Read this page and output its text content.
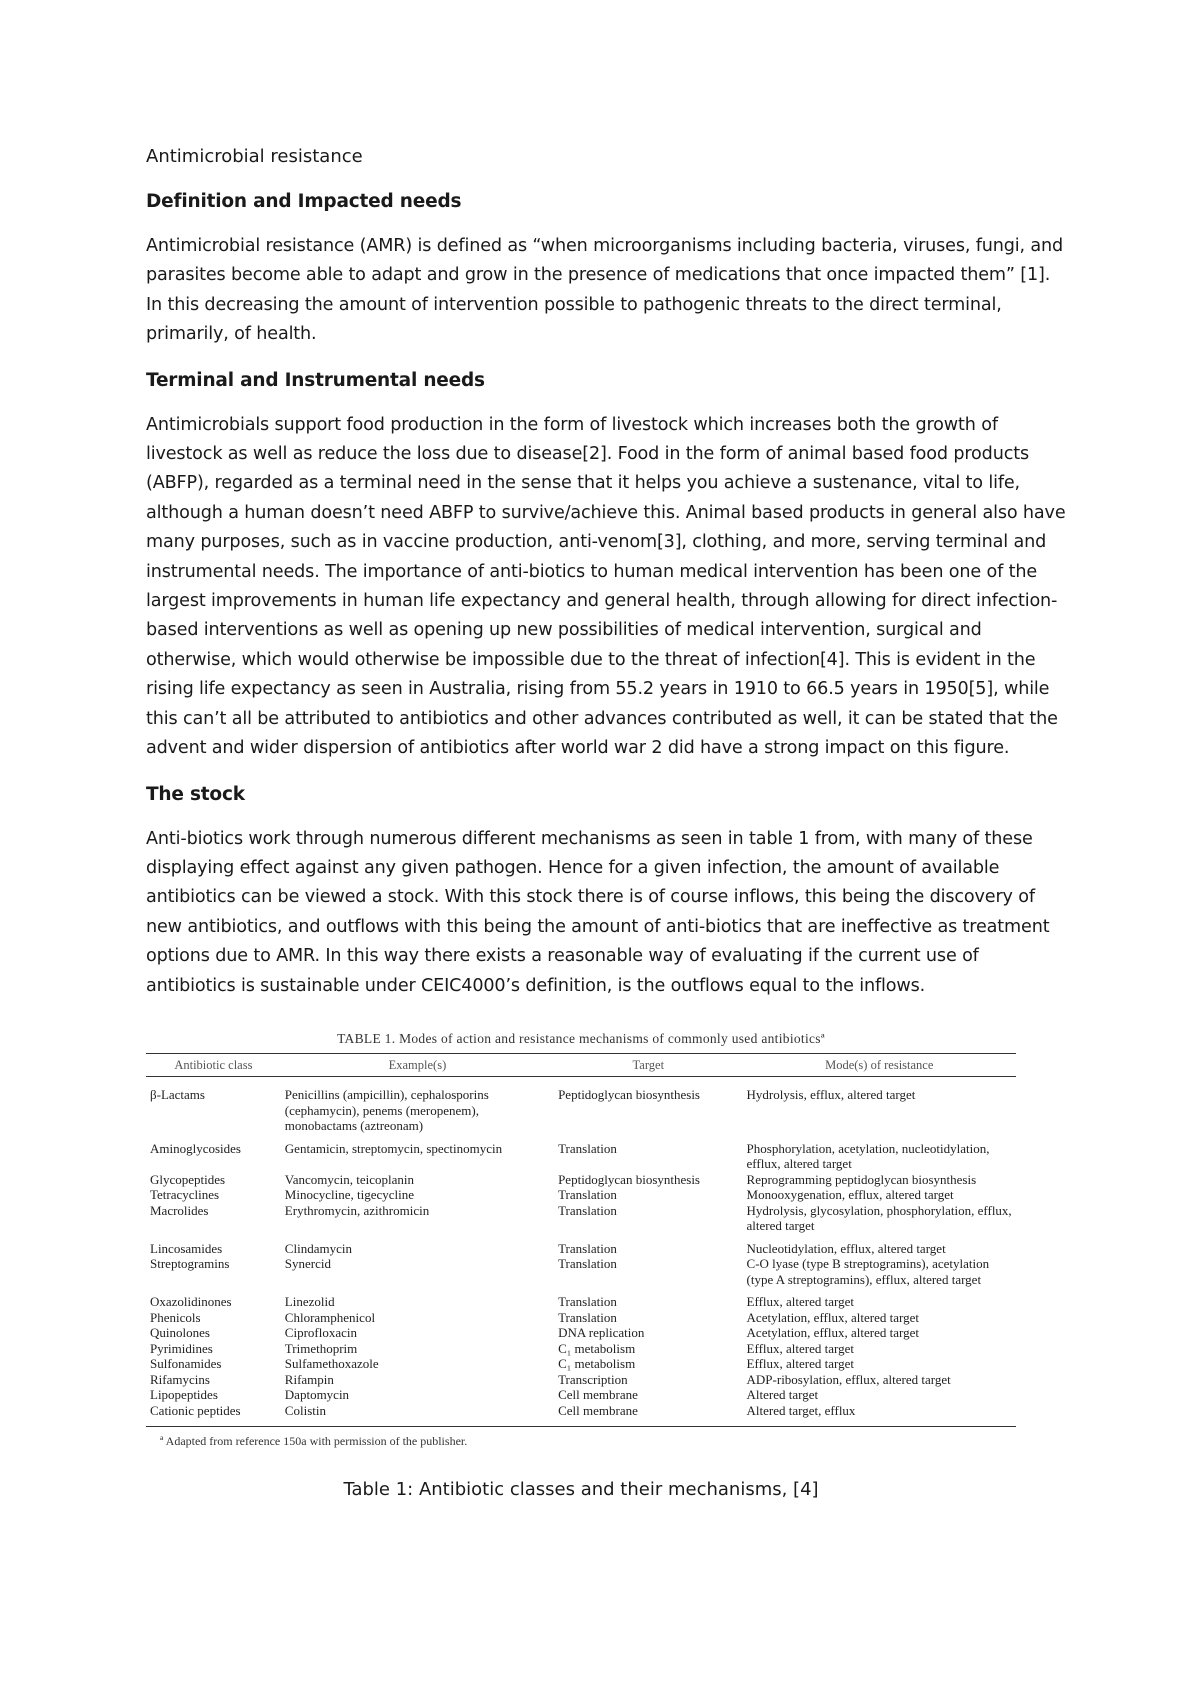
Antimicrobial resistance
Definition and Impacted needs

Antimicrobial resistance (AMR) is defined as “when microorganisms including bacteria, viruses, fungi, and parasites become able to adapt and grow in the presence of medications that once impacted them” [1]. In this decreasing the amount of intervention possible to pathogenic threats to the direct terminal, primarily, of health.

Terminal and Instrumental needs

Antimicrobials support food production in the form of livestock which increases both the growth of livestock as well as reduce the loss due to disease[2]. Food in the form of animal based food products (ABFP), regarded as a terminal need in the sense that it helps you achieve a sustenance, vital to life, although a human doesn’t need ABFP to survive/achieve this. Animal based products in general also have many purposes, such as in vaccine production, anti-venom[3], clothing, and more, serving terminal and instrumental needs. The importance of anti-biotics to human medical intervention has been one of the largest improvements in human life expectancy and general health, through allowing for direct infection-based interventions as well as opening up new possibilities of medical intervention, surgical and otherwise, which would otherwise be impossible due to the threat of infection[4]. This is evident in the rising life expectancy as seen in Australia, rising from 55.2 years in 1910 to 66.5 years in 1950[5], while this can’t all be attributed to antibiotics and other advances contributed as well, it can be stated that the advent and wider dispersion of antibiotics after world war 2 did have a strong impact on this figure.

The stock

Anti-biotics work through numerous different mechanisms as seen in table 1 from, with many of these displaying effect against any given pathogen. Hence for a given infection, the amount of available antibiotics can be viewed a stock. With this stock there is of course inflows, this being the discovery of new antibiotics, and outflows with this being the amount of anti-biotics that are ineffective as treatment options due to AMR. In this way there exists a reasonable way of evaluating if the current use of antibiotics is sustainable under CEIC4000’s definition, is the outflows equal to the inflows.

TABLE 1. Modes of action and resistance mechanisms of commonly used antibioticsª
Antibiotic class	Example(s)	Target	Mode(s) of resistance
β-Lactams	Penicillins (ampicillin), cephalosporins (cephamycin), penems (meropenem), monobactams (aztreonam)	Peptidoglycan biosynthesis	Hydrolysis, efflux, altered target
Aminoglycosides	Gentamicin, streptomycin, spectinomycin	Translation	Phosphorylation, acetylation, nucleotidylation, efflux, altered target
Glycopeptides	Vancomycin, teicoplanin	Peptidoglycan biosynthesis	Reprogramming peptidoglycan biosynthesis
Tetracyclines	Minocycline, tigecycline	Translation	Monooxygenation, efflux, altered target
Macrolides	Erythromycin, azithromicin	Translation	Hydrolysis, glycosylation, phosphorylation, efflux, altered target
Lincosamides	Clindamycin	Translation	Nucleotidylation, efflux, altered target
Streptogramins	Synercid	Translation	C-O lyase (type B streptogramins), acetylation (type A streptogramins), efflux, altered target
Oxazolidinones	Linezolid	Translation	Efflux, altered target
Phenicols	Chloramphenicol	Translation	Acetylation, efflux, altered target
Quinolones	Ciprofloxacin	DNA replication	Acetylation, efflux, altered target
Pyrimidines	Trimethoprim	C₁ metabolism	Efflux, altered target
Sulfonamides	Sulfamethoxazole	C₁ metabolism	Efflux, altered target
Rifamycins	Rifampin	Transcription	ADP-ribosylation, efflux, altered target
Lipopeptides	Daptomycin	Cell membrane	Altered target
Cationic peptides	Colistin	Cell membrane	Altered target, efflux
ª Adapted from reference 150a with permission of the publisher.
Table 1: Antibiotic classes and their mechanisms, [4]
